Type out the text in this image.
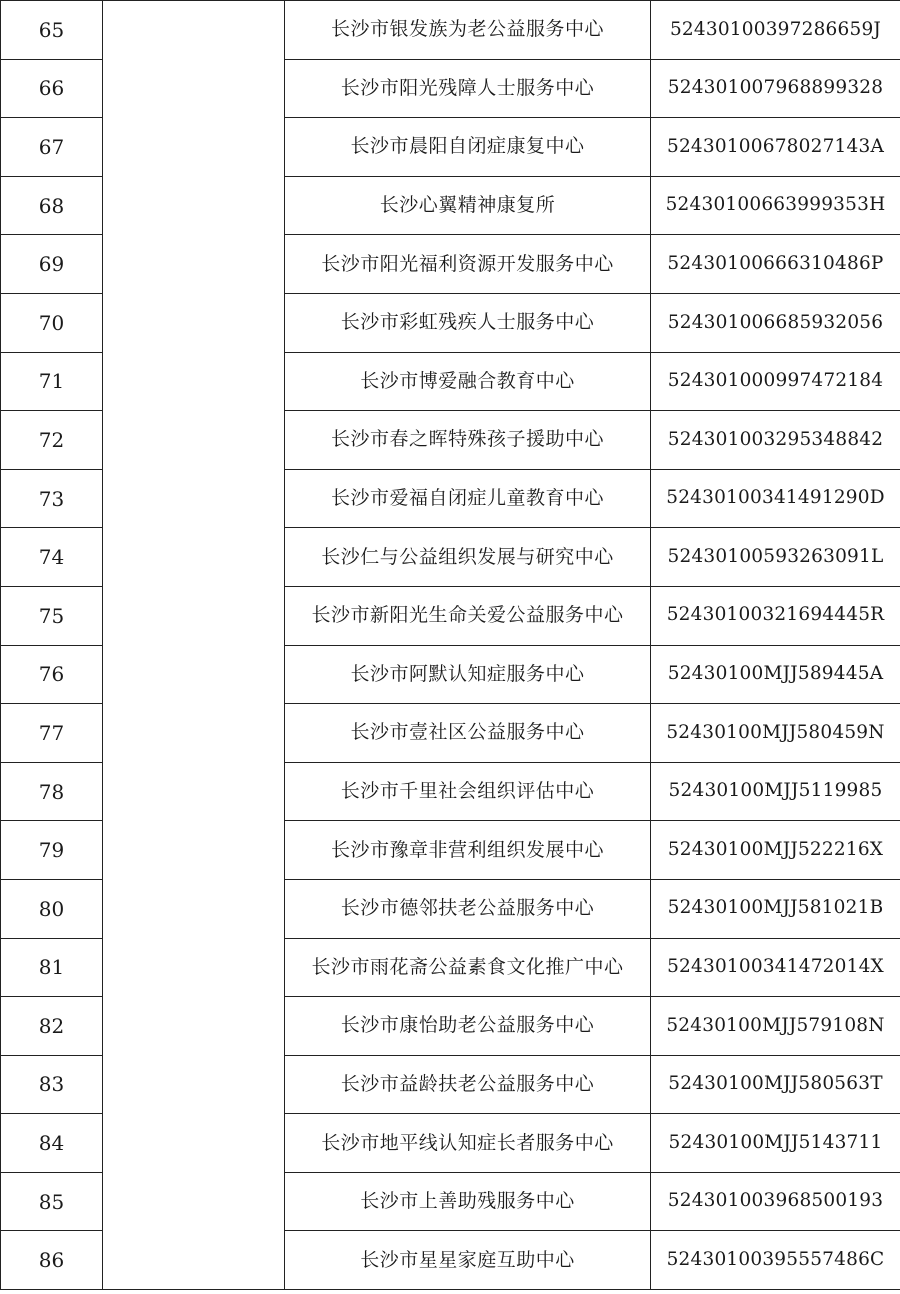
65		长沙市银发族为老公益服务中心	52430100397286659J
66		长沙市阳光残障人士服务中心	524301007968899328
67		长沙市晨阳自闭症康复中心	52430100678027143A
68		长沙心翼精神康复所	52430100663999353H
69		长沙市阳光福利资源开发服务中心	52430100666310486P
70		长沙市彩虹残疾人士服务中心	524301006685932056
71		长沙市博爱融合教育中心	524301000997472184
72		长沙市春之晖特殊孩子援助中心	524301003295348842
73		长沙市爱福自闭症儿童教育中心	52430100341491290D
74		长沙仁与公益组织发展与研究中心	52430100593263091L
75		长沙市新阳光生命关爱公益服务中心	52430100321694445R
76		长沙市阿默认知症服务中心	52430100MJJ589445A
77		长沙市壹社区公益服务中心	52430100MJJ580459N
78		长沙市千里社会组织评估中心	52430100MJJ5119985
79		长沙市豫章非营利组织发展中心	52430100MJJ522216X
80		长沙市德邻扶老公益服务中心	52430100MJJ581021B
81		长沙市雨花斋公益素食文化推广中心	52430100341472014X
82		长沙市康怡助老公益服务中心	52430100MJJ579108N
83		长沙市益龄扶老公益服务中心	52430100MJJ580563T
84		长沙市地平线认知症长者服务中心	52430100MJJ5143711
85		长沙市上善助残服务中心	524301003968500193
86		长沙市星星家庭互助中心	52430100395557486C
